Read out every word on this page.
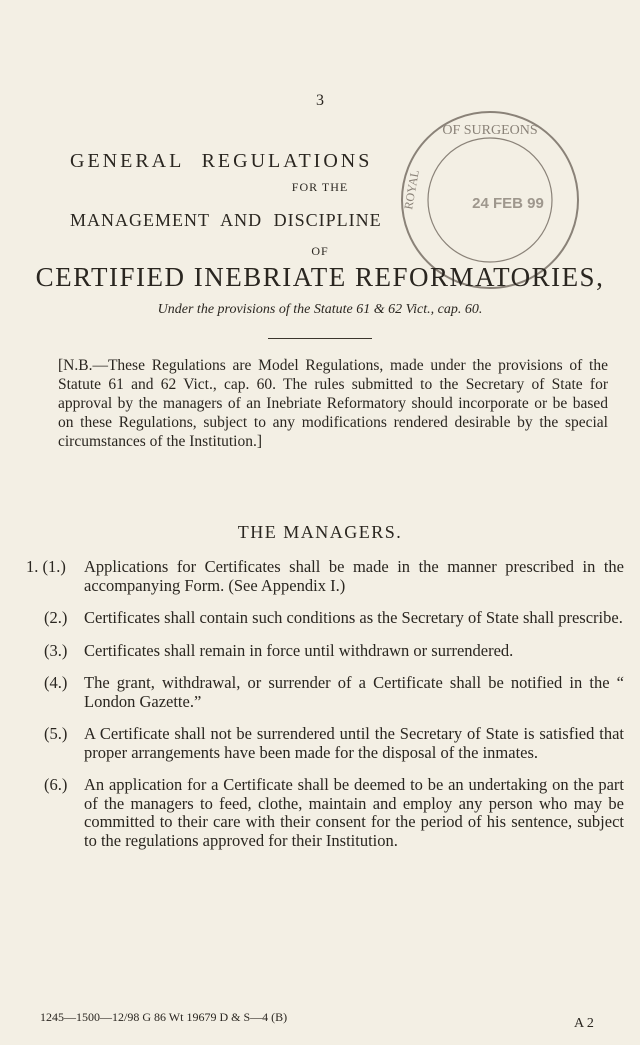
3
OF SURGEONS
ROYAL	24 FEB 99
GENERAL REGULATIONS
FOR THE
MANAGEMENT AND DISCIPLINE
OF
CERTIFIED INEBRIATE REFORMATORIES,
Under the provisions of the Statute 61 & 62 Vict., cap. 60.
[N.B.—These Regulations are Model Regulations, made under the provisions of the Statute 61 and 62 Vict., cap. 60. The rules submitted to the Secretary of State for approval by the managers of an Inebriate Reformatory should incorporate or be based on these Regulations, subject to any modifications rendered desirable by the special circumstances of the Institution.]
THE MANAGERS.
1. (1.)	Applications for Certificates shall be made in the manner prescribed in the accompanying Form. (See Appendix I.)
(2.)	Certificates shall contain such conditions as the Secretary of State shall prescribe.
(3.)	Certificates shall remain in force until withdrawn or surrendered.
(4.)	The grant, withdrawal, or surrender of a Certificate shall be notified in the “ London Gazette.”
(5.)	A Certificate shall not be surrendered until the Secretary of State is satisfied that proper arrangements have been made for the disposal of the inmates.
(6.)	An application for a Certificate shall be deemed to be an undertaking on the part of the managers to feed, clothe, maintain and employ any person who may be committed to their care with their consent for the period of his sentence, subject to the regulations approved for their Institution.
1245—1500—12/98 G 86 Wt 19679 D & S—4 (B)	A 2
